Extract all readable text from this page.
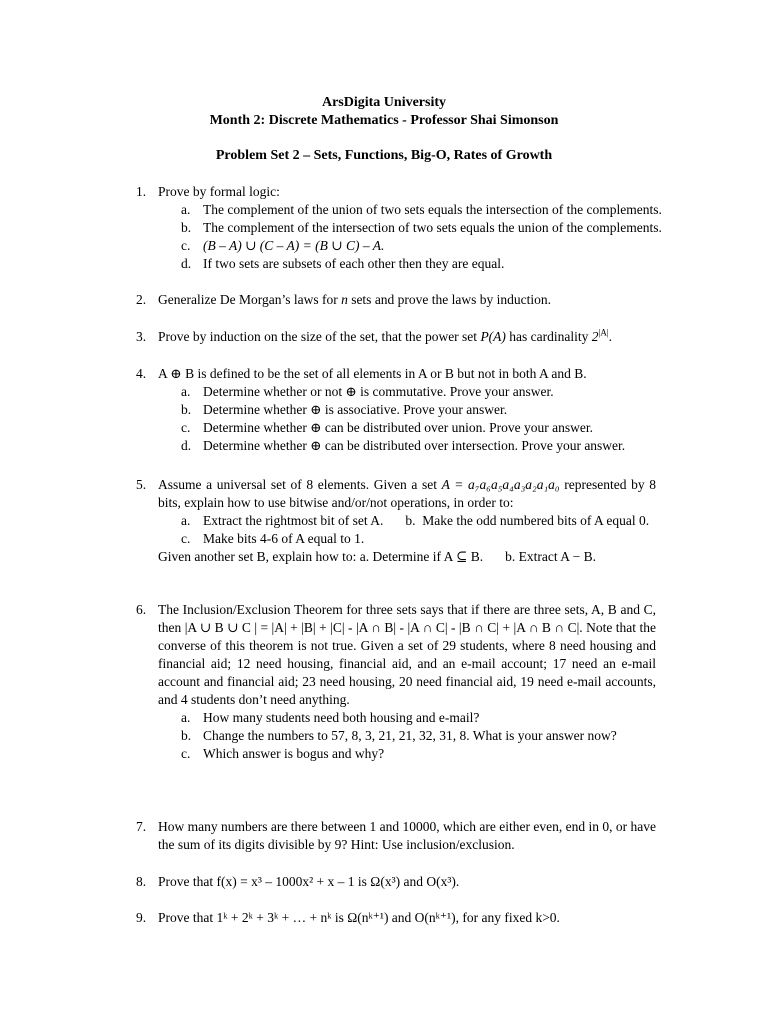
ArsDigita University
Month 2: Discrete Mathematics - Professor Shai Simonson
Problem Set 2 – Sets, Functions, Big-O, Rates of Growth
1. Prove by formal logic:
a. The complement of the union of two sets equals the intersection of the complements.
b. The complement of the intersection of two sets equals the union of the complements.
c. (B – A) ∪ (C – A) = (B ∪ C) – A.
d. If two sets are subsets of each other then they are equal.
2. Generalize De Morgan’s laws for n sets and prove the laws by induction.
3. Prove by induction on the size of the set, that the power set P(A) has cardinality $2^{|A|}$.
4. A ⊕ B is defined to be the set of all elements in A or B but not in both A and B.
a. Determine whether or not ⊕ is commutative. Prove your answer.
b. Determine whether ⊕ is associative. Prove your answer.
c. Determine whether ⊕ can be distributed over union. Prove your answer.
d. Determine whether ⊕ can be distributed over intersection. Prove your answer.
5. Assume a universal set of 8 elements. Given a set A = a₇a₆a₅a₄a₃a₂a₁a₀ represented by 8 bits, explain how to use bitwise and/or/not operations, in order to:
a. Extract the rightmost bit of set A. b. Make the odd numbered bits of A equal 0.
c. Make bits 4-6 of A equal to 1.
Given another set B, explain how to: a. Determine if A ⊆ B. b. Extract A − B.
6. The Inclusion/Exclusion Theorem for three sets says that if there are three sets, A, B and C, then |A ∪ B ∪ C | = |A| + |B| + |C| - |A ∩ B| - |A ∩ C| - |B ∩ C| + |A ∩ B ∩ C|. Note that the converse of this theorem is not true. Given a set of 29 students, where 8 need housing and financial aid; 12 need housing, financial aid, and an e-mail account; 17 need an e-mail account and financial aid; 23 need housing, 20 need financial aid, 19 need e-mail accounts, and 4 students don’t need anything.
a. How many students need both housing and e-mail?
b. Change the numbers to 57, 8, 3, 21, 21, 32, 31, 8. What is your answer now?
c. Which answer is bogus and why?
7. How many numbers are there between 1 and 10000, which are either even, end in 0, or have the sum of its digits divisible by 9? Hint: Use inclusion/exclusion.
8. Prove that f(x) = x³ – 1000x² + x – 1 is Ω(x³) and O(x³).
9. Prove that 1ᵏ + 2ᵏ + 3ᵏ + … + nᵏ is Ω(nᵏ⁺¹) and O(nᵏ⁺¹), for any fixed k>0.
